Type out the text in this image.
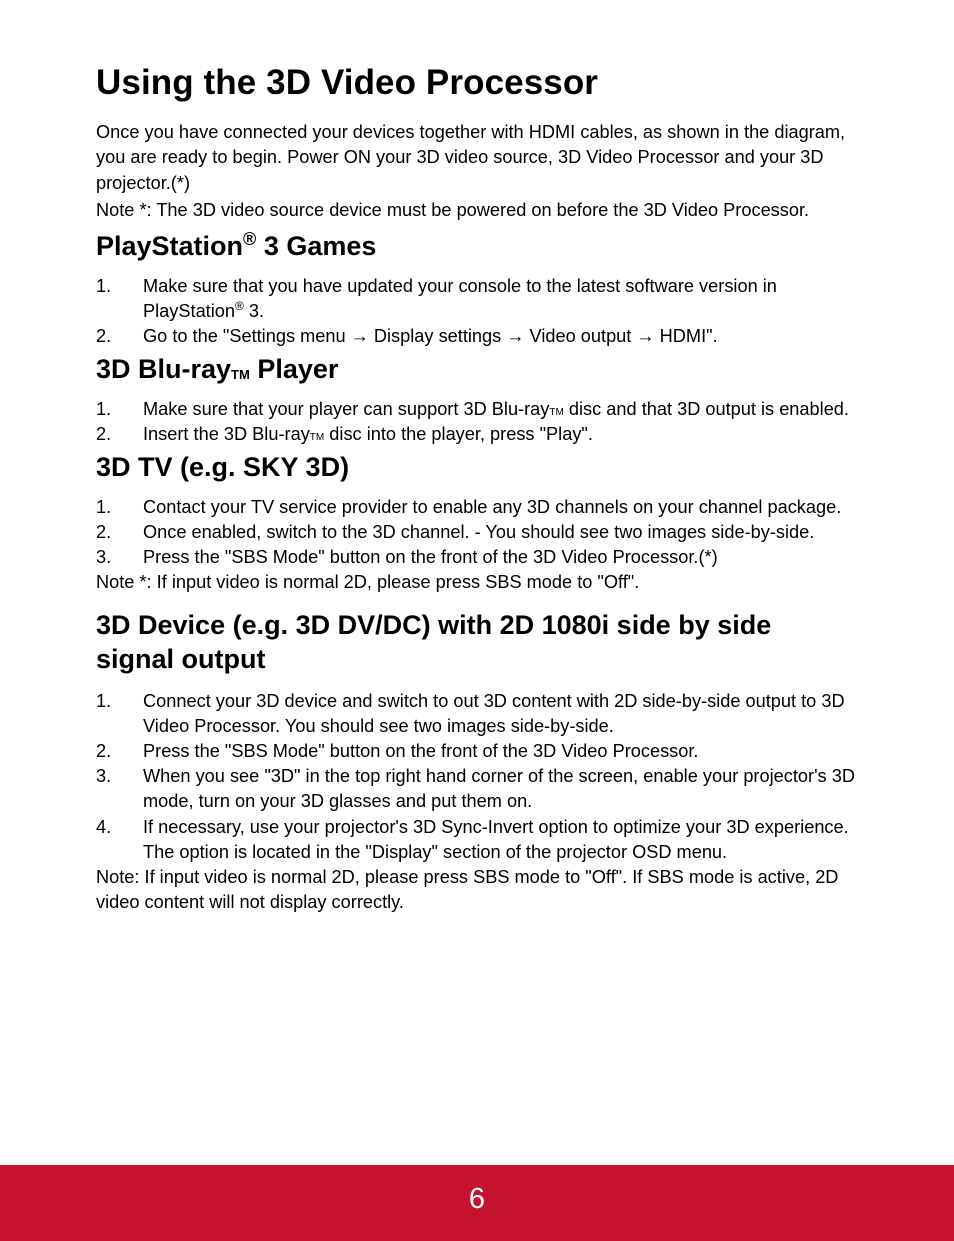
Using the 3D Video Processor

Once you have connected your devices together with HDMI cables, as shown in the diagram, you are ready to begin. Power ON your 3D video source, 3D Video Processor and your 3D projector.(*)

Note *: The 3D video source device must be powered on before the 3D Video Processor.

PlayStation® 3 Games
1. Make sure that you have updated your console to the latest software version in PlayStation® 3.
2. Go to the "Settings menu → Display settings → Video output → HDMI".
3D Blu-ray$_{TM}$ Player
1. Make sure that your player can support 3D Blu-rayTM disc and that 3D output is enabled.
2. Insert the 3D Blu-rayTM disc into the player, press "Play".
3D TV (e.g. SKY 3D)
1. Contact your TV service provider to enable any 3D channels on your channel package.
2. Once enabled, switch to the 3D channel. - You should see two images side-by-side.
3. Press the "SBS Mode" button on the front of the 3D Video Processor.(*)

Note *: If input video is normal 2D, please press SBS mode to "Off".

3D Device (e.g. 3D DV/DC) with 2D 1080i side by side signal output
1. Connect your 3D device and switch to out 3D content with 2D side-by-side output to 3D Video Processor. You should see two images side-by-side.
2. Press the "SBS Mode" button on the front of the 3D Video Processor.
3. When you see "3D" in the top right hand corner of the screen, enable your projector's 3D mode, turn on your 3D glasses and put them on.
4. If necessary, use your projector's 3D Sync-Invert option to optimize your 3D experience. The option is located in the "Display" section of the projector OSD menu.

Note: If input video is normal 2D, please press SBS mode to "Off". If SBS mode is active, 2D video content will not display correctly.

6
